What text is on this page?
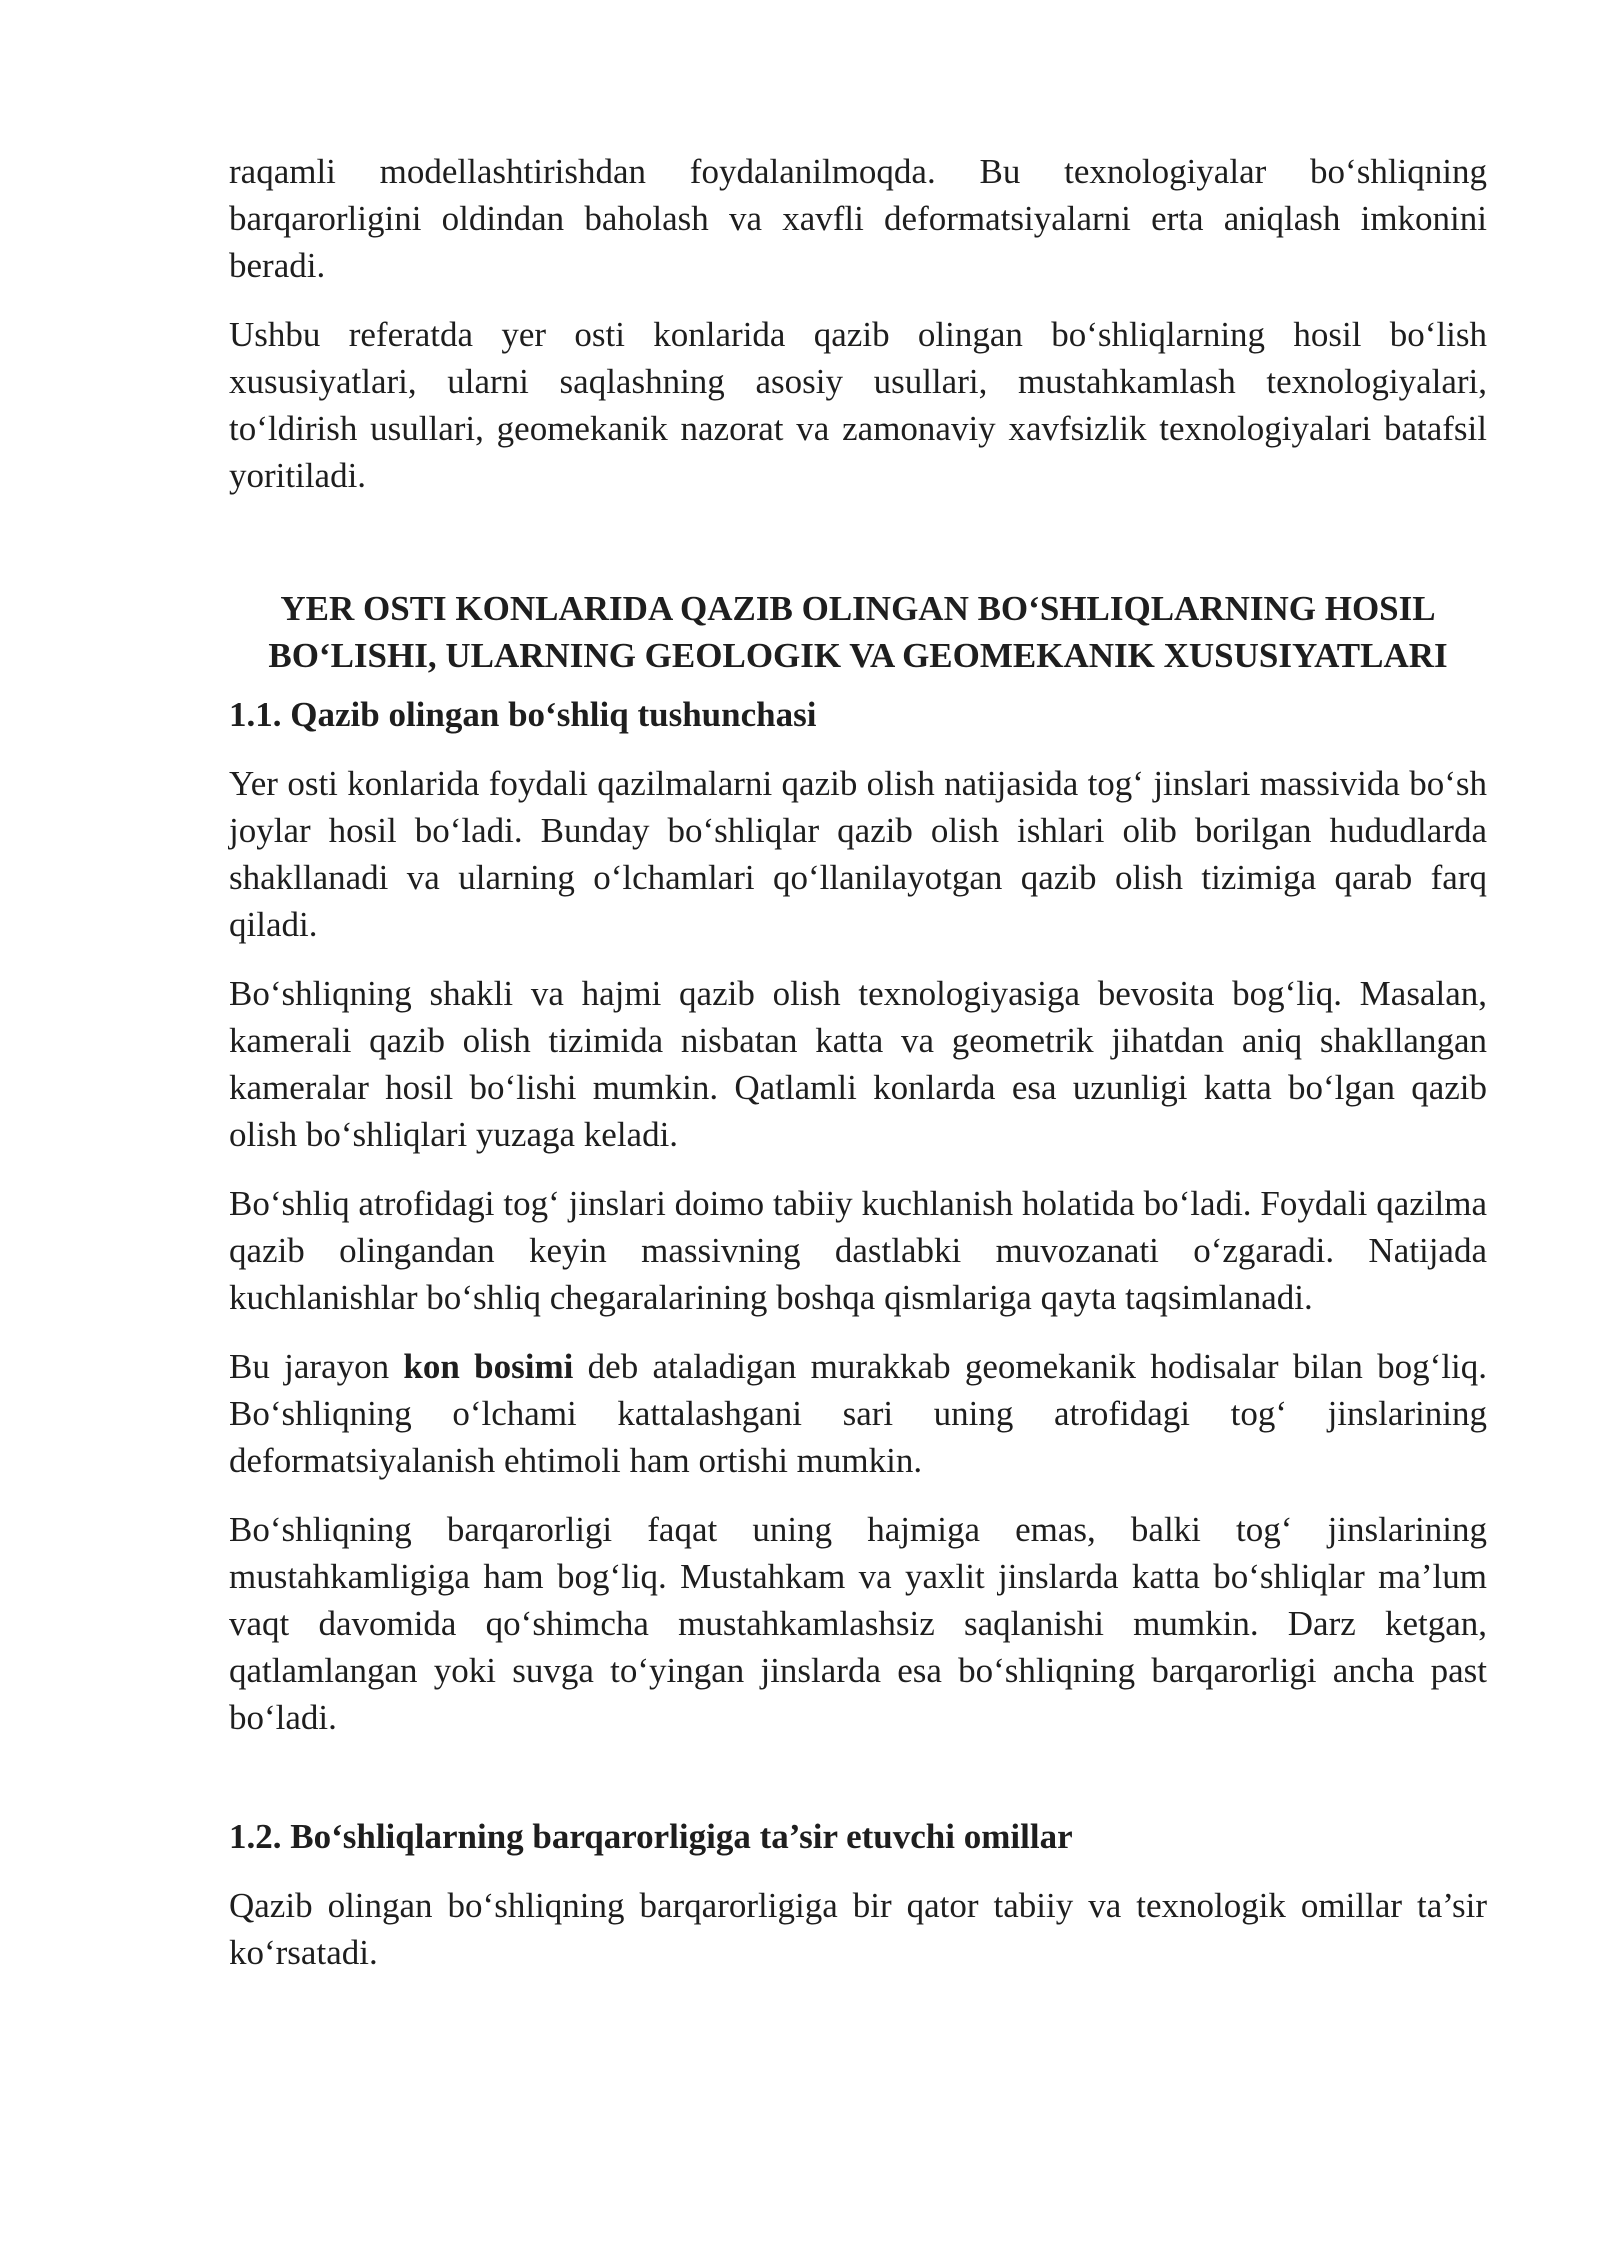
raqamli modellashtirishdan foydalanilmoqda. Bu texnologiyalar bo‘shliqning barqarorligini oldindan baholash va xavfli deformatsiyalarni erta aniqlash imkonini beradi.

Ushbu referatda yer osti konlarida qazib olingan bo‘shliqlarning hosil bo‘lish xususiyatlari, ularni saqlashning asosiy usullari, mustahkamlash texnologiyalari, to‘ldirish usullari, geomekanik nazorat va zamonaviy xavfsizlik texnologiyalari batafsil yoritiladi.

YER OSTI KONLARIDA QAZIB OLINGAN BO‘SHLIQLARNING HOSIL BO‘LISHI, ULARNING GEOLOGIK VA GEOMEKANIK XUSUSIYATLARI
1.1. Qazib olingan bo‘shliq tushunchasi

Yer osti konlarida foydali qazilmalarni qazib olish natijasida tog‘ jinslari massivida bo‘sh joylar hosil bo‘ladi. Bunday bo‘shliqlar qazib olish ishlari olib borilgan hududlarda shakllanadi va ularning o‘lchamlari qo‘llanilayotgan qazib olish tizimiga qarab farq qiladi.

Bo‘shliqning shakli va hajmi qazib olish texnologiyasiga bevosita bog‘liq. Masalan, kamerali qazib olish tizimida nisbatan katta va geometrik jihatdan aniq shakllangan kameralar hosil bo‘lishi mumkin. Qatlamli konlarda esa uzunligi katta bo‘lgan qazib olish bo‘shliqlari yuzaga keladi.

Bo‘shliq atrofidagi tog‘ jinslari doimo tabiiy kuchlanish holatida bo‘ladi. Foydali qazilma qazib olingandan keyin massivning dastlabki muvozanati o‘zgaradi. Natijada kuchlanishlar bo‘shliq chegaralarining boshqa qismlariga qayta taqsimlanadi.

Bu jarayon kon bosimi deb ataladigan murakkab geomekanik hodisalar bilan bog‘liq. Bo‘shliqning o‘lchami kattalashgani sari uning atrofidagi tog‘ jinslarining deformatsiyalanish ehtimoli ham ortishi mumkin.

Bo‘shliqning barqarorligi faqat uning hajmiga emas, balki tog‘ jinslarining mustahkamligiga ham bog‘liq. Mustahkam va yaxlit jinslarda katta bo‘shliqlar ma’lum vaqt davomida qo‘shimcha mustahkamlashsiz saqlanishi mumkin. Darz ketgan, qatlamlangan yoki suvga to‘yingan jinslarda esa bo‘shliqning barqarorligi ancha past bo‘ladi.

1.2. Bo‘shliqlarning barqarorligiga ta’sir etuvchi omillar

Qazib olingan bo‘shliqning barqarorligiga bir qator tabiiy va texnologik omillar ta’sir ko‘rsatadi.
